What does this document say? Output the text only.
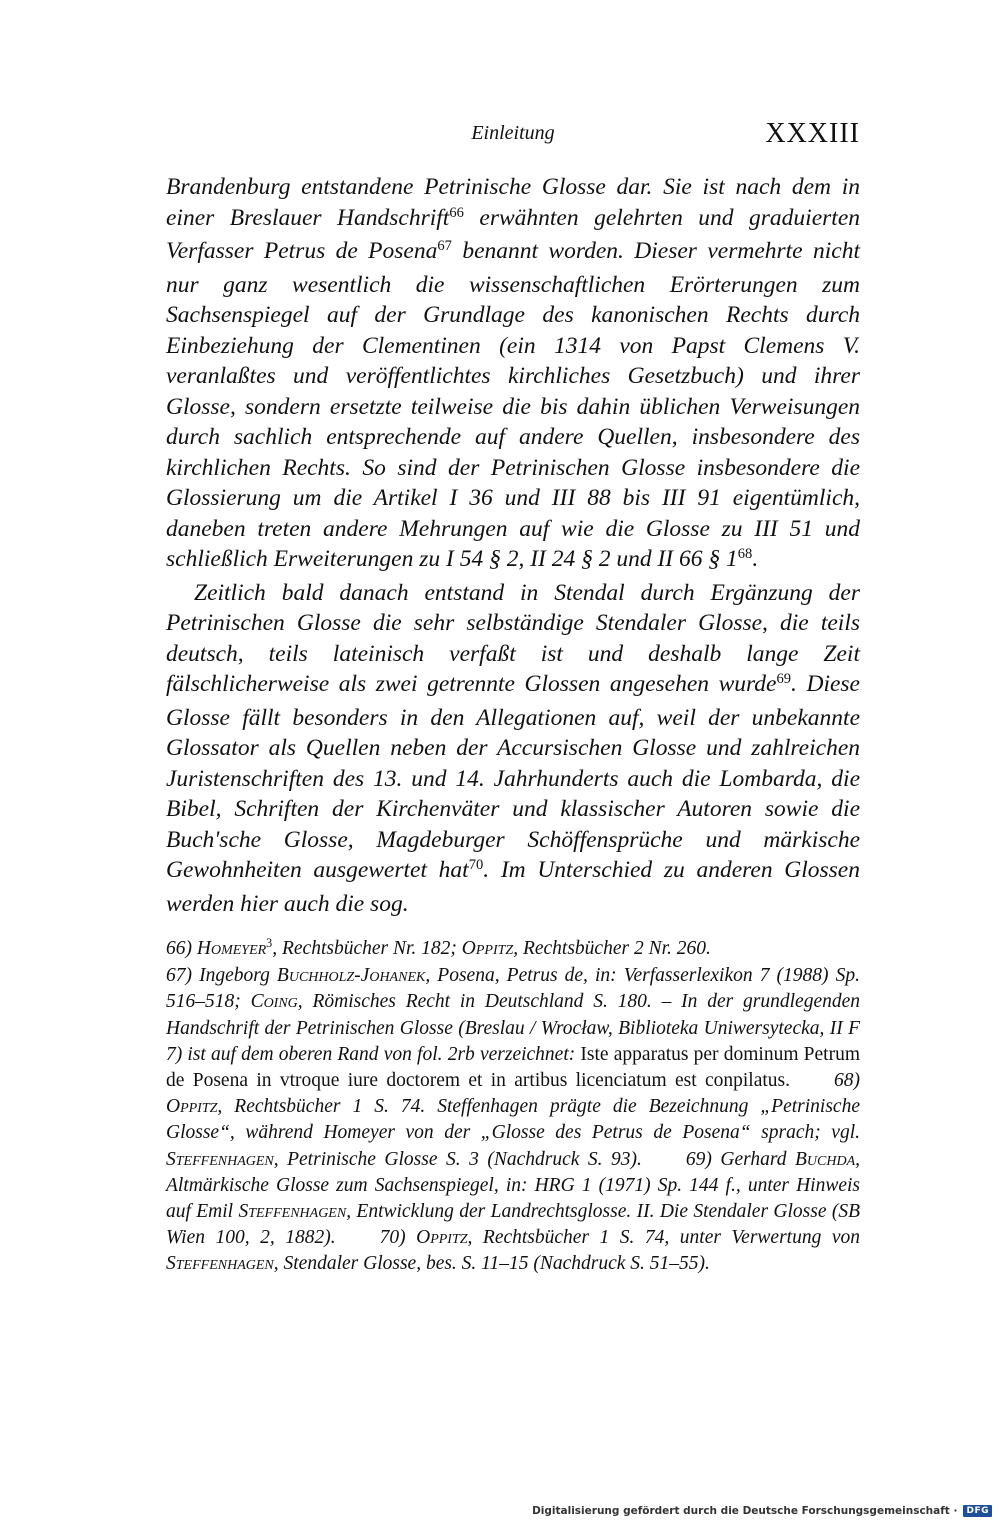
Einleitung	XXXIII

Brandenburg entstandene Petrinische Glosse dar. Sie ist nach dem in einer Breslauer Handschrift$^{66}$ erwähnten gelehrten und graduierten Verfasser Petrus de Posena$^{67}$ benannt worden. Dieser vermehrte nicht nur ganz wesentlich die wissenschaftlichen Erörterungen zum Sachsenspiegel auf der Grundlage des kanonischen Rechts durch Einbeziehung der Clementinen (ein 1314 von Papst Clemens V. veranlaßtes und veröffentlichtes kirchliches Gesetzbuch) und ihrer Glosse, sondern ersetzte teilweise die bis dahin üblichen Verweisungen durch sachlich entsprechende auf andere Quellen, insbesondere des kirchlichen Rechts. So sind der Petrinischen Glosse insbesondere die Glossierung um die Artikel I 36 und III 88 bis III 91 eigentümlich, daneben treten andere Mehrungen auf wie die Glosse zu III 51 und schließlich Erweiterungen zu I 54 § 2, II 24 § 2 und II 66 § $1^{68}$.

Zeitlich bald danach entstand in Stendal durch Ergänzung der Petrinischen Glosse die sehr selbständige Stendaler Glosse, die teils deutsch, teils lateinisch verfaßt ist und deshalb lange Zeit fälschlicherweise als zwei getrennte Glossen angesehen wurde$^{69}$. Diese Glosse fällt besonders in den Allegationen auf, weil der unbekannte Glossator als Quellen neben der Accursischen Glosse und zahlreichen Juristenschriften des 13. und 14. Jahrhunderts auch die Lombarda, die Bibel, Schriften der Kirchenväter und klassischer Autoren sowie die Buch'sche Glosse, Magdeburger Schöffensprüche und märkische Gewohnheiten ausgewertet hat$^{70}$. Im Unterschied zu anderen Glossen werden hier auch die sog.

66) Homeyer$^3$, Rechtsbücher Nr. 182; Oppitz, Rechtsbücher 2 Nr. 260.

67) Ingeborg Buchholz-Johanek, Posena, Petrus de, in: Verfasserlexikon 7 (1988) Sp. 516–518; Coing, Römisches Recht in Deutschland S. 180. – In der grundlegenden Handschrift der Petrinischen Glosse (Breslau / Wrocław, Biblioteka Uniwersytecka, II F 7) ist auf dem oberen Rand von fol. 2rb verzeichnet: Iste apparatus per dominum Petrum de Posena in vtroque iure doctorem et in artibus licenciatum est conpilatus. 68) Oppitz, Rechtsbücher 1 S. 74. Steffenhagen prägte die Bezeichnung „Petrinische Glosse“, während Homeyer von der „Glosse des Petrus de Posena“ sprach; vgl. Steffenhagen, Petrinische Glosse S. 3 (Nachdruck S. 93). 69) Gerhard Buchda, Altmärkische Glosse zum Sachsenspiegel, in: HRG 1 (1971) Sp. 144 f., unter Hinweis auf Emil Steffenhagen, Entwicklung der Landrechtsglosse. II. Die Stendaler Glosse (SB Wien 100, 2, 1882). 70) Oppitz, Rechtsbücher 1 S. 74, unter Verwertung von Steffenhagen, Stendaler Glosse, bes. S. 11–15 (Nachdruck S. 51–55).

Digitalisierung gefördert durch die Deutsche Forschungsgemeinschaft ·	DFG
